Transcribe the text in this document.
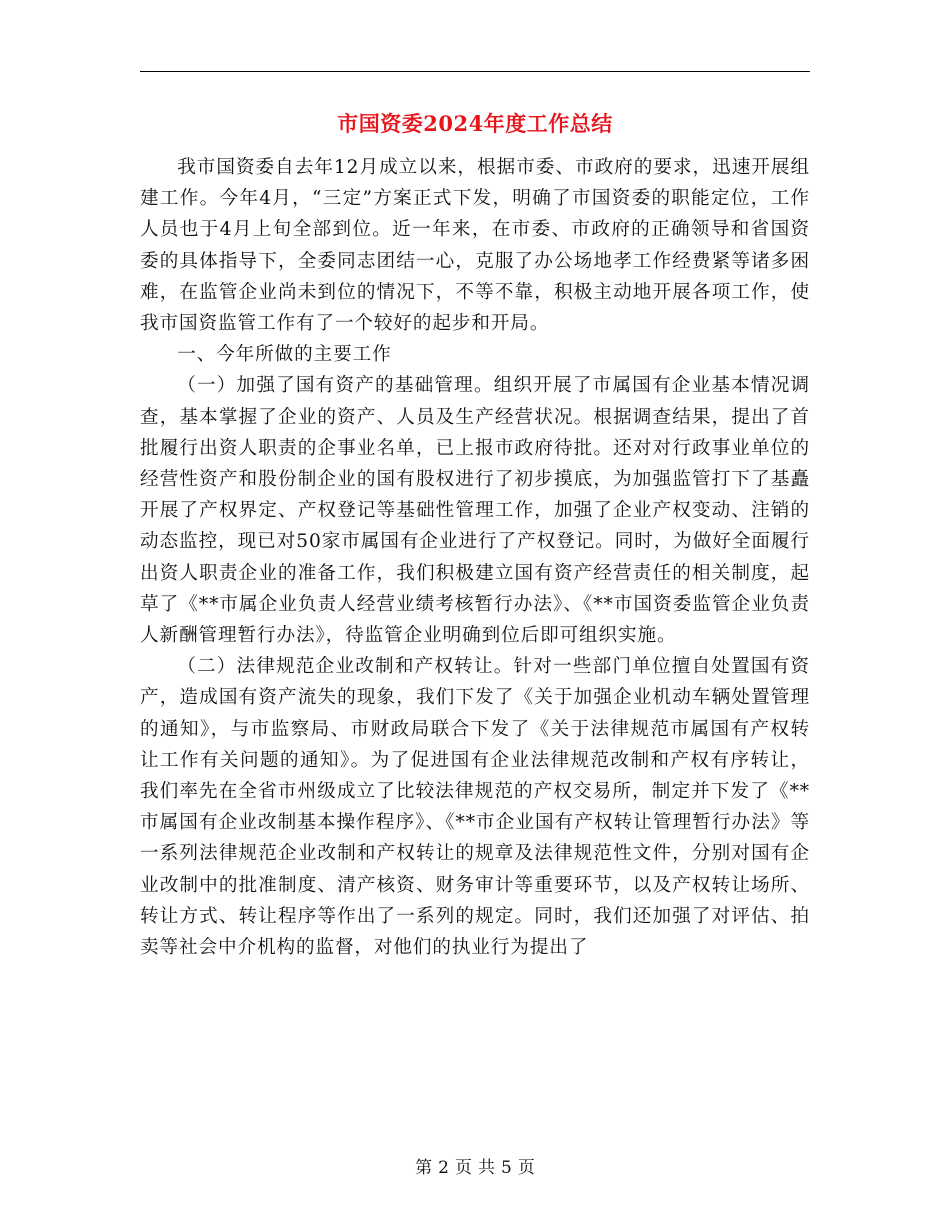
市国资委2024年度工作总结

我市国资委自去年12月成立以来，根据市委、市政府的要求，迅速开展组建工作。今年4月，“三定”方案正式下发，明确了市国资委的职能定位，工作人员也于4月上旬全部到位。近一年来，在市委、市政府的正确领导和省国资委的具体指导下，全委同志团结一心，克服了办公场地孝工作经费紧等诸多困难，在监管企业尚未到位的情况下，不等不靠，积极主动地开展各项工作，使我市国资监管工作有了一个较好的起步和开局。

一、今年所做的主要工作

（一）加强了国有资产的基础管理。组织开展了市属国有企业基本情况调查，基本掌握了企业的资产、人员及生产经营状况。根据调查结果，提出了首批履行出资人职责的企事业名单，已上报市政府待批。还对对行政事业单位的经营性资产和股份制企业的国有股权进行了初步摸底，为加强监管打下了基矗开展了产权界定、产权登记等基础性管理工作，加强了企业产权变动、注销的动态监控，现已对50家市属国有企业进行了产权登记。同时，为做好全面履行出资人职责企业的准备工作，我们积极建立国有资产经营责任的相关制度，起草了《**市属企业负责人经营业绩考核暂行办法》、《**市国资委监管企业负责人新酬管理暂行办法》，待监管企业明确到位后即可组织实施。

（二）法律规范企业改制和产权转让。针对一些部门单位擅自处置国有资产，造成国有资产流失的现象，我们下发了《关于加强企业机动车辆处置管理的通知》，与市监察局、市财政局联合下发了《关于法律规范市属国有产权转让工作有关问题的通知》。为了促进国有企业法律规范改制和产权有序转让，我们率先在全省市州级成立了比较法律规范的产权交易所，制定并下发了《**市属国有企业改制基本操作程序》、《**市企业国有产权转让管理暂行办法》等一系列法律规范企业改制和产权转让的规章及法律规范性文件，分别对国有企业改制中的批准制度、清产核资、财务审计等重要环节，以及产权转让场所、转让方式、转让程序等作出了一系列的规定。同时，我们还加强了对评估、拍卖等社会中介机构的监督，对他们的执业行为提出了

第 2 页 共 5 页
